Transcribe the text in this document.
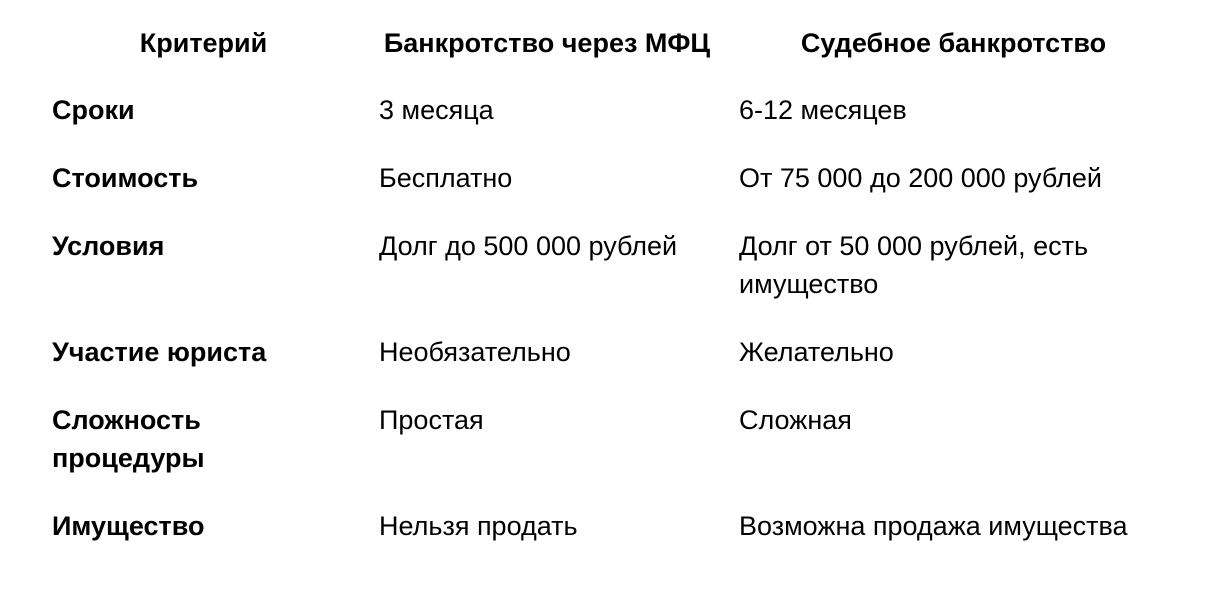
Критерий	Банкротство через МФЦ	Судебное банкротство
Сроки	3 месяца	6-12 месяцев
Стоимость	Бесплатно	От 75 000 до 200 000 рублей
Условия	Долг до 500 000 рублей	Долг от 50 000 рублей, есть имущество
Участие юриста	Необязательно	Желательно
Сложность процедуры	Простая	Сложная
Имущество	Нельзя продать	Возможна продажа имущества
